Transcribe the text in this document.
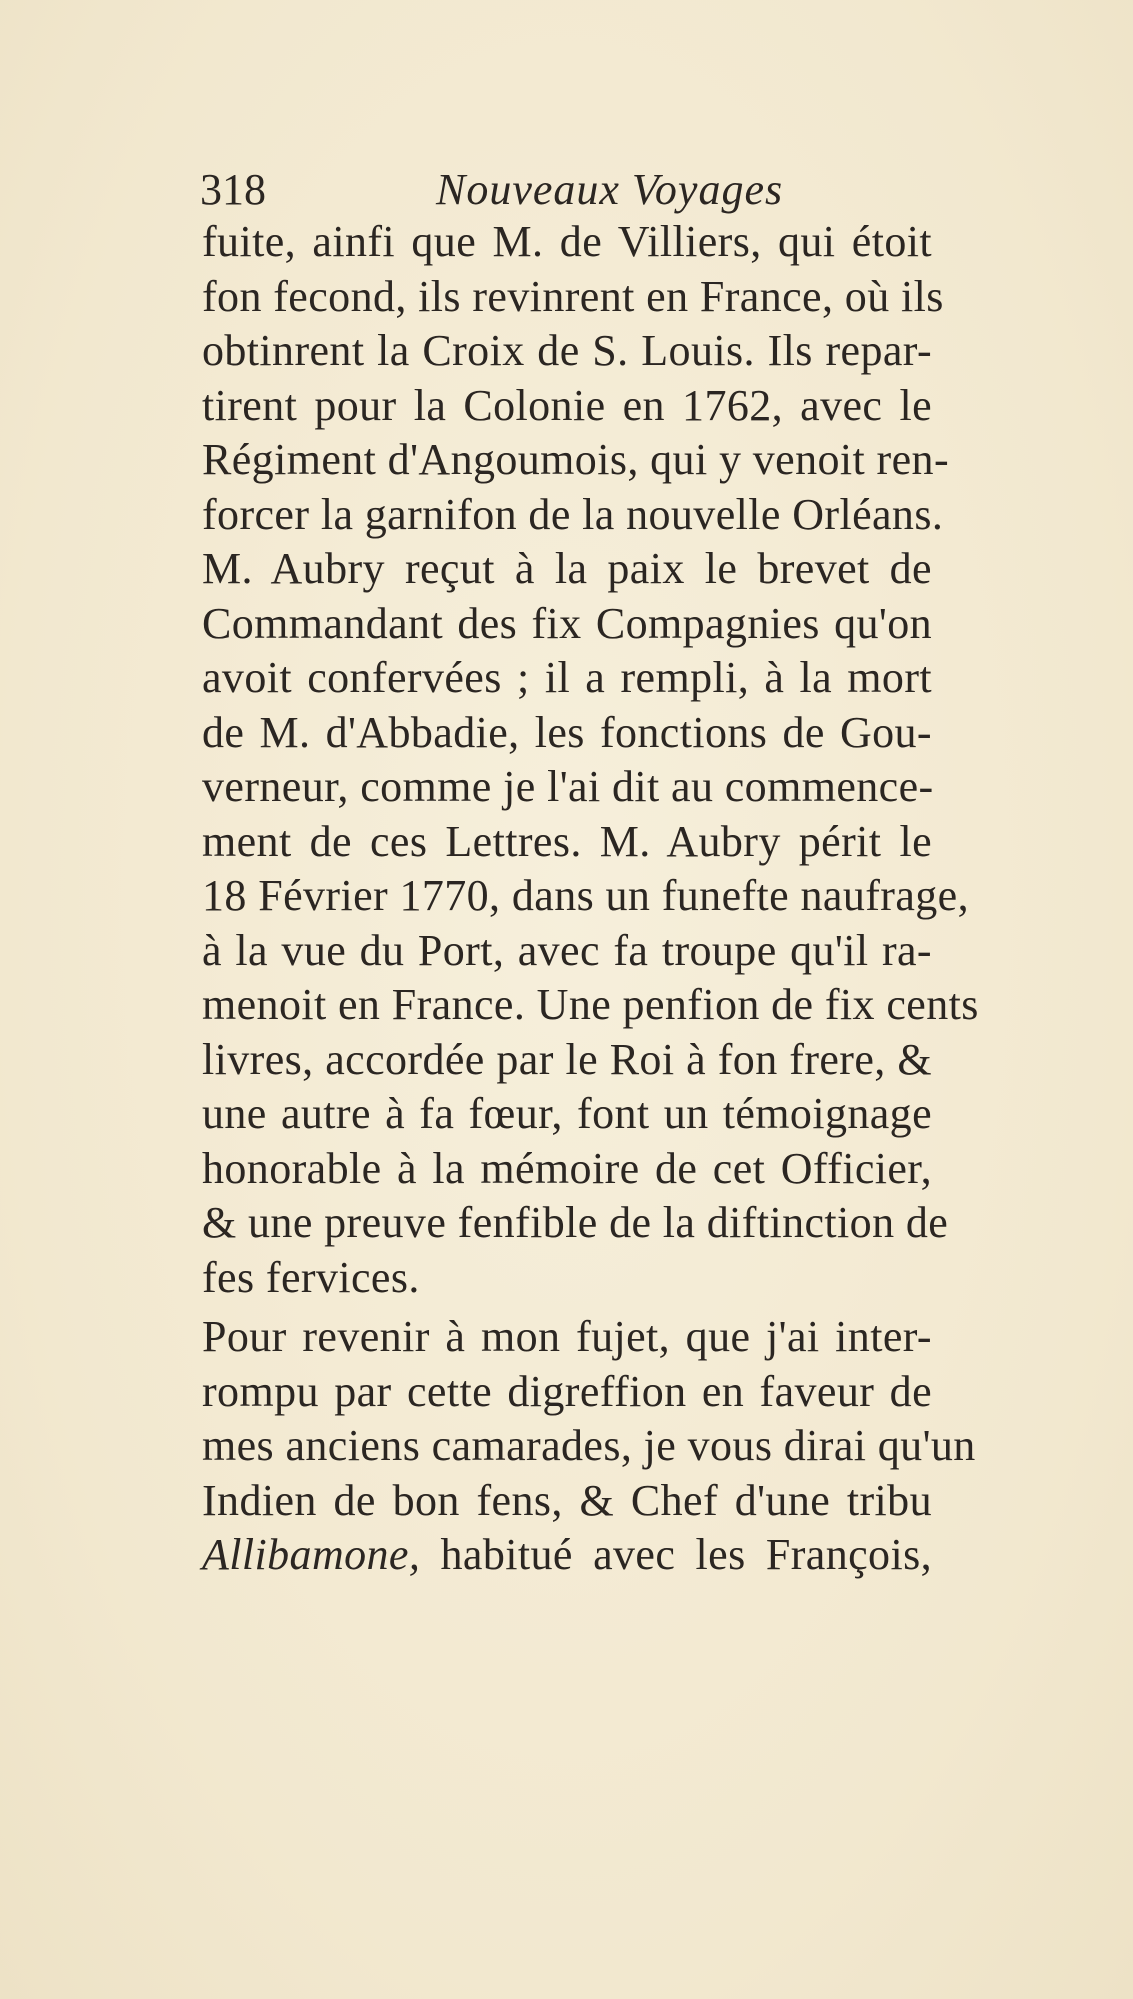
318	Nouveaux Voyages
fuite, ainfi que M. de Villiers, qui étoit
fon fecond, ils revinrent en France, où ils
obtinrent la Croix de S. Louis. Ils repar-
tirent pour la Colonie en 1762, avec le
Régiment d'Angoumois, qui y venoit ren-
forcer la garnifon de la nouvelle Orléans.
M. Aubry reçut à la paix le brevet de
Commandant des fix Compagnies qu'on
avoit confervées ; il a rempli, à la mort
de M. d'Abbadie, les fonctions de Gou-
verneur, comme je l'ai dit au commence-
ment de ces Lettres. M. Aubry périt le
18 Février 1770, dans un funefte naufrage,
à la vue du Port, avec fa troupe qu'il ra-
menoit en France. Une penfion de fix cents
livres, accordée par le Roi à fon frere, &
une autre à fa fœur, font un témoignage
honorable à la mémoire de cet Officier,
& une preuve fenfible de la diftinction de
fes fervices.
Pour revenir à mon fujet, que j'ai inter-
rompu par cette digreffion en faveur de
mes anciens camarades, je vous dirai qu'un
Indien de bon fens, & Chef d'une tribu
Allibamone, habitué avec les François,
